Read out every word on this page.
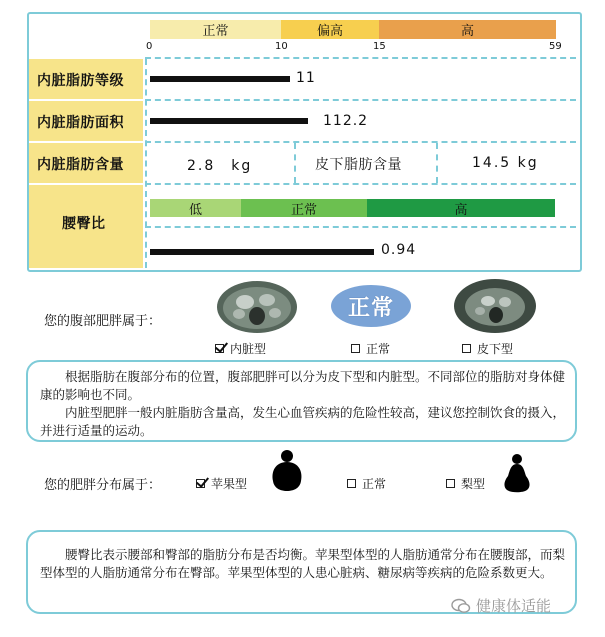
正常	偏高	高
0	10	15	59
内脏脂肪等级	11
内脏脂肪面积	112.2
内脏脂肪含量	2.8　kg	皮下脂肪含量	14.5 kg
腰臀比
低	正常	高
0.94
您的腹部肥胖属于：
正常
内脏型	正常	皮下型

根据脂肪在腹部分布的位置，腹部肥胖可以分为皮下型和内脏型。不同部位的脂肪对身体健康的影响也不同。

内脏型肥胖一般内脏脂肪含量高，发生心血管疾病的危险性较高，建议您控制饮食的摄入，并进行适量的运动。

您的肥胖分布属于：	苹果型	正常	梨型

腰臀比表示腰部和臀部的脂肪分布是否均衡。苹果型体型的人脂肪通常分布在腰腹部，而梨型体型的人脂肪通常分布在臀部。苹果型体型的人患心脏病、糖尿病等疾病的危险系数更大。

健康体适能
